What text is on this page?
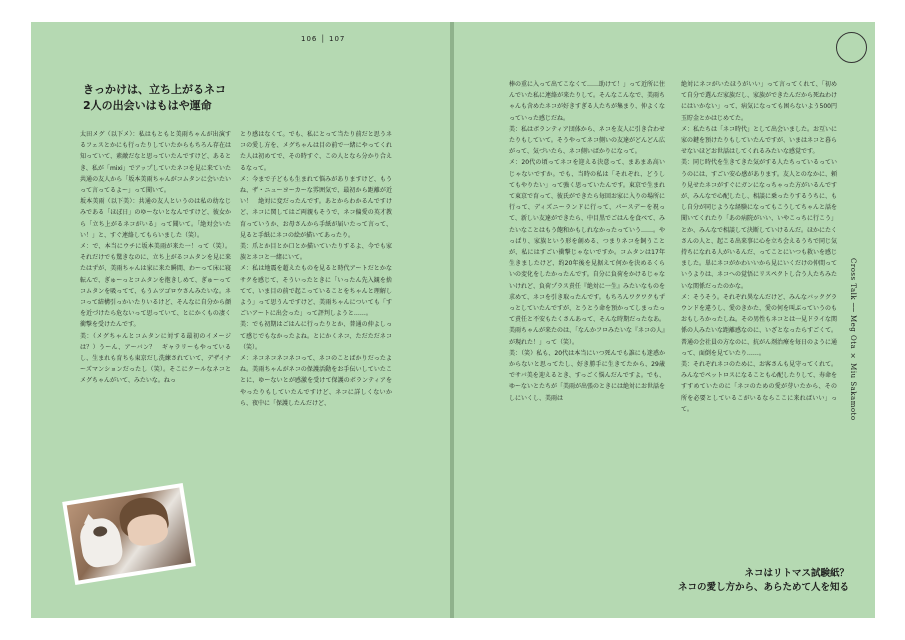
106 │ 107
きっかけは、立ち上がるネコ
2人の出会いはもはや運命
太田メグ（以下メ）：私はもともと美雨ちゃんが出演するフェスとかにも行ったりしていたからもちろん存在は知っていて、素敵だなと思っていたんですけど、あるとき、私が「mixi」でアップしていたネコを見に来ていた共通の友人から「坂本美雨ちゃんがコムタンに会いたいって言ってるよー」って聞いて。
坂本美雨（以下美）：共通の友人というのは私の幼なじみである「ほぼ日」のゆーないとなんですけど、彼女から「立ち上がるネコがいる」って聞いて。「絶対会いたい！」と、すぐ連絡してもらいました（笑）。
メ：で、本当にウチに坂本美雨が来た一！って（笑）。それだけでも驚きなのに、立ち上がるコムタンを見に来たはずが、美雨ちゃんは家に来た瞬間、わーって床に寝転んで、ぎゅーっとコムタンを抱きしめて、ぎゅーってコムタンを吸ってて、もうムツゴロウさんみたいな。ネコって結構引っかいたりいるけど、そんなに自分から顔を近づけたら危ないって思っていて、とにかくもの凄く衝撃を受けたんです。
美：（メグちゃんとコムタンに対する最初のイメージは？）うーん、アーバン？　ギャラリーもやっているし、生まれも育ちも東京だし洗練されていて、デザイナーズマンションだったし（笑）。そこにクールなネコとメグちゃんがいて、みたいな。ねっ
とり感はなくて。でも、私にとって当たり前だと思うネコの愛し方を、メグちゃんは目の前で一緒にやってくれた人は初めてで、その時すぐ、この人となら分かり合えるなって。
メ：今まで子どもも生まれて悩みがありますけど、もうね、ザ・ニューヨーカーな雰囲気で、最初から距離が近い！　絶対に変だったんです。あとからわかるんですけど、ネコに関してはご両親もそうで、ネコ偏愛の英才教育っていうか、お母さんから手紙が届いたって言って、見ると手紙にネコの絵が描いてあったり。
美：爪とか目とか口とか描いていたりするよ、今でも家族とネコと一緒にいて。
メ：私は地震を超えたものを見ると時代アートだとかなサクを感じて、そういったときに「いったん先入観を捨てて、いま目の前で起こっていることをちゃんと理解しよう」って思うんですけど、美雨ちゃんについても「すごいアートに出会った」って評判しようと……。
美：でも初期はごはんに行ったりとか、普通の仲よしって感じでもなかったよね。とにかくネコ、ただただネコ（笑）。
メ：ネコネコネコネコって、ネコのことばかりだったよね。美雨ちゃんがネコの保護活動をお手伝いしていたことに、ゆーないとが感激を受けて保護のボランティアをやったりもしていたんですけど、ネコに詳しくないから、夜中に「保護したんだけど、
棒の重に入って出てこなくて……助けて！」って近所に住んでいた私に連絡が来たりして。そんなこんなで、美雨ちゃんも含めたネコが好きすぎる人たちが集まり、仲よくなっていった感じだね。
美：私はボランティア団体から、ネコを友人に引き合わせたりもしていて。そうやってネコ側いの友達がどんどん広がって、気づいたら、ネコ側いばかりになって。
メ：20代の頃ってネコを迎える決意って、まあまあ高いじゃないですか。でも、当時の私は「それぞれ、どうしてもやりたい」って強く思っていたんです。東京で生まれて東京で育って、彼氏ができたら毎回お家に入りの場所に行って、ディズニーランドに行って、パースデーを祝って、新しい友達ができたら、中目黒でごはんを食べて、みたいなことはもう飽和かもしれなかったっていう……。やっぱり、家族という形を創める、つまりネコを飼うことが、私にはすごい衝撃じゃないですか。コムタンは17年生きましたけど、約20年後を見据えて何かを決めるくらいの変化をしたかったんです。自分に負荷をかけるじゃないけれど、負荷プラス責任『絶対に一生』みたいなものを求めて、ネコを引き取ったんです。もちろんワクワクもずっとしていたんですが、とうとう命を預かってしまったって責任と不安もたくさんあって、そんな時期だったなあ。美雨ちゃんが来たのは、「なんかフロみたいな『ネコの人』が現れた！」って（笑）。
美：（笑）私も、20代は本当にいつ死んでも誰にも迷惑かからないと思ってたし、好き勝手に生きてたから、29歳でサバ美を迎えるとき、すっごく悩んだんですよ。でも、ゆーないとたちが「美雨が出張のときには絶対にお世話をしにいくし、美雨は
絶対にネコがいたほうがいい」って言ってくれて、「初めて自分で選んだ家族だし、家族ができたんだから死ねわけにはいかない」って、病気になっても困らないよう500円玉貯金とかはじめてた。
メ：私たちは「ネコ時代」として出会いました。お互いに家の鍵を預けたりもしていたんですが、いまはネコと暮らせないほどお世話はしてくれるみたいな感覚です。
美：同じ時代を生きてきた気がする人たちっているっていうのには、すごい安心感があります。友人とのなかに、頼り見せたネコがすぐにガンになっちゃった方がいるんですが、みんなで心配したし、相談に乗ったりするうちに、もし自分が同じような経験になってもこうしてちゃんと話を聞いてくれたり「あの病院がいい、いやこっちに行こう」とか、みんなで相談して決断していけるんだ。ほかにたくさんの人と、起こる出来事に心を立ち会えるうちで同じ気持ちになれる人がいるんだ、ってことにいつも救いを感じました。単にネコがかわいいから見にいくだけの仲間っていうよりは、ネコへの覚悟にリスペクトし合う人たちみたいな関係だったのかな。
メ：そうそう。それぞれ異なんだけど、みんなバックグラウンドを違うし、愛のきかた、愛の何を叫ぶっていうのもおもしろかったしね。その男性もネコとは一見ドライな関係の人みたいな距離感なのに、いざとなったらすごくて。普通の会社員の方なのに、抗がん剤治療を毎日のように通って、面倒を見ていたり……。
美：それぞれネコのために、お客さんも見守ってくれて。みんなでペットロスになることも心配したりして、寿命をすすめていたのに「ネコのための愛が芽いたから、その所を必要としているこがいるならここに来ればいい」って。	Cross Talk ── Meg Ota × Miu Sakamoto
ネコはリトマス試験紙？
ネコの愛し方から、あらためて人を知る
